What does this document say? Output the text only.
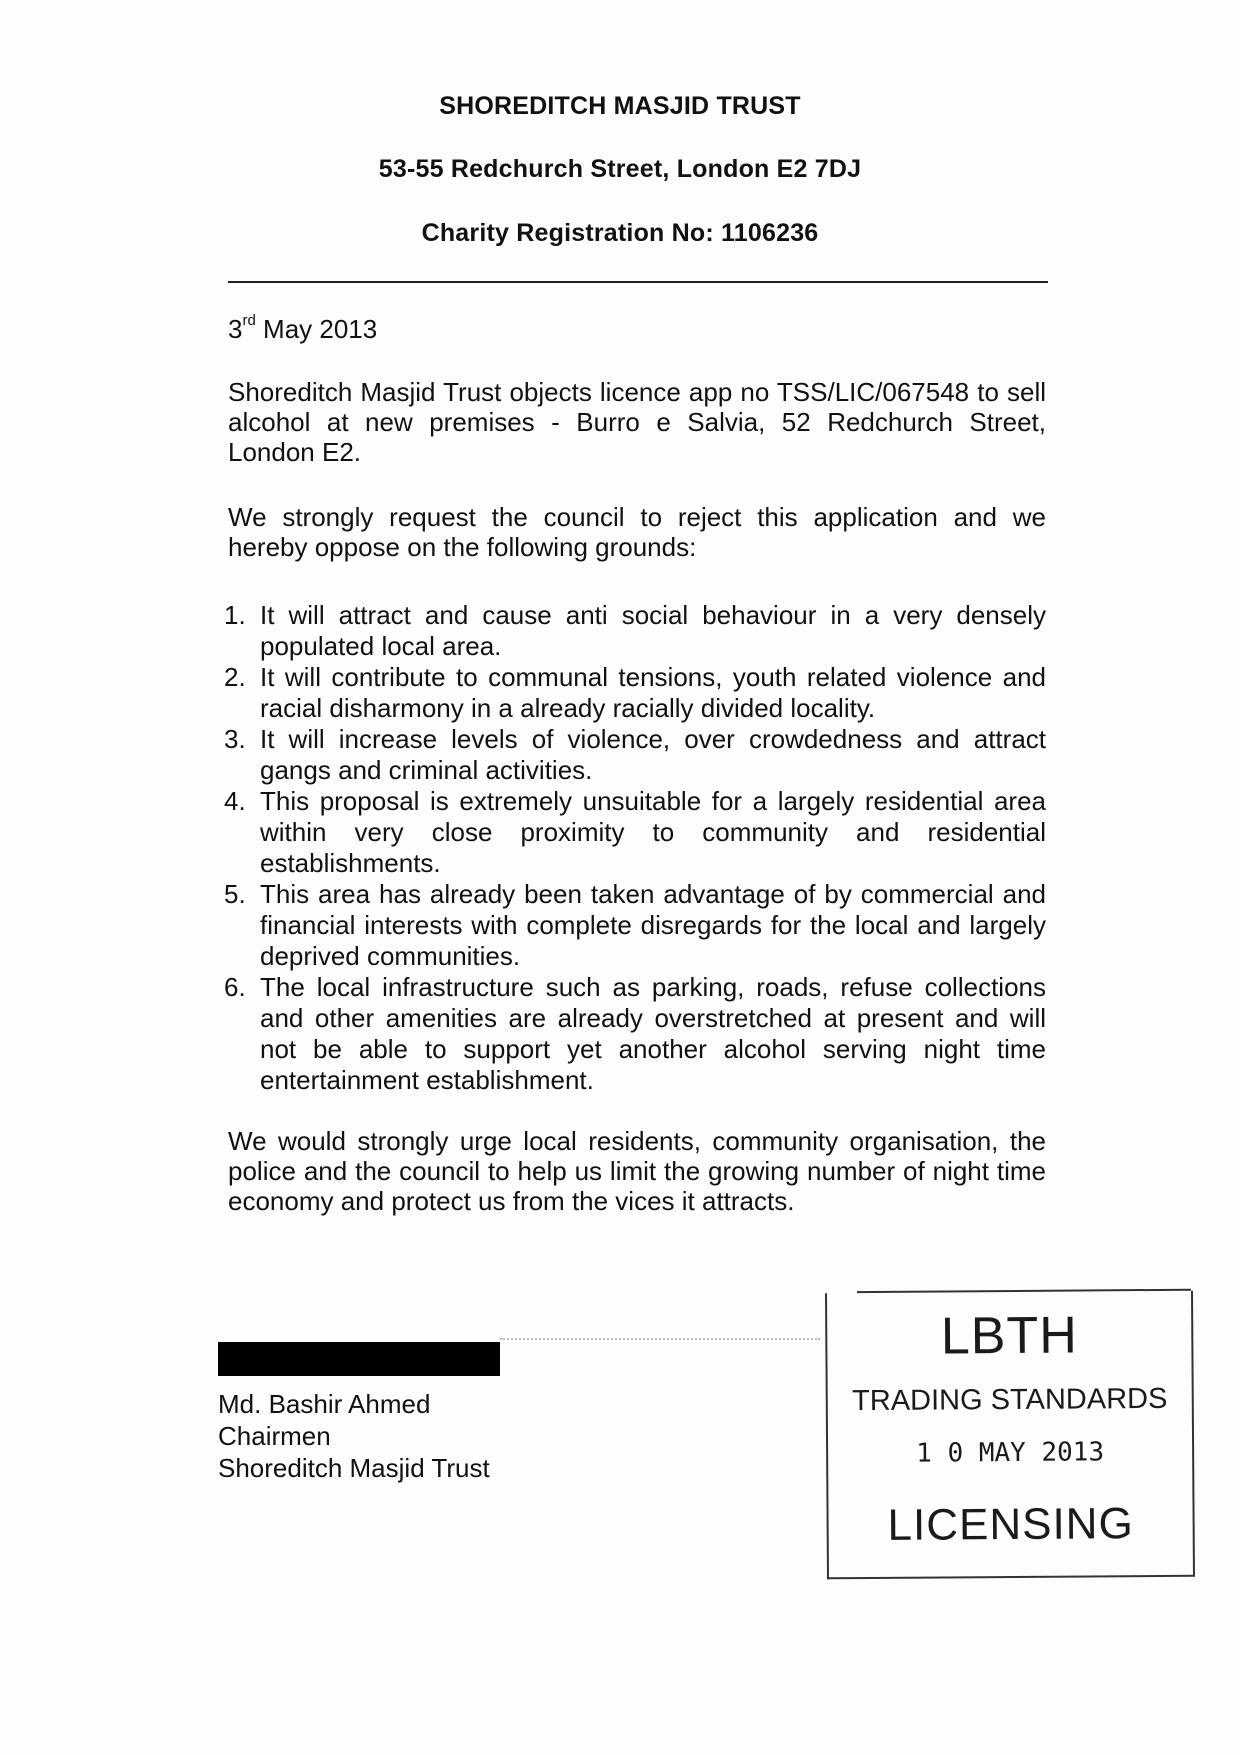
SHOREDITCH MASJID TRUST
53-55 Redchurch Street, London E2 7DJ
Charity Registration No: 1106236
3rd May 2013
Shoreditch Masjid Trust objects licence app no TSS/LIC/067548 to sell alcohol at new premises - Burro e Salvia, 52 Redchurch Street, London E2.
We strongly request the council to reject this application and we hereby oppose on the following grounds:
1. It will attract and cause anti social behaviour in a very densely populated local area.
2. It will contribute to communal tensions, youth related violence and racial disharmony in a already racially divided locality.
3. It will increase levels of violence, over crowdedness and attract gangs and criminal activities.
4. This proposal is extremely unsuitable for a largely residential area within very close proximity to community and residential establishments.
5. This area has already been taken advantage of by commercial and financial interests with complete disregards for the local and largely deprived communities.
6. The local infrastructure such as parking, roads, refuse collections and other amenities are already overstretched at present and will not be able to support yet another alcohol serving night time entertainment establishment.
We would strongly urge local residents, community organisation, the police and the council to help us limit the growing number of night time economy and protect us from the vices it attracts.
Md. Bashir Ahmed
Chairmen
Shoreditch Masjid Trust
LBTH
TRADING STANDARDS
1 0 MAY 2013
LICENSING
